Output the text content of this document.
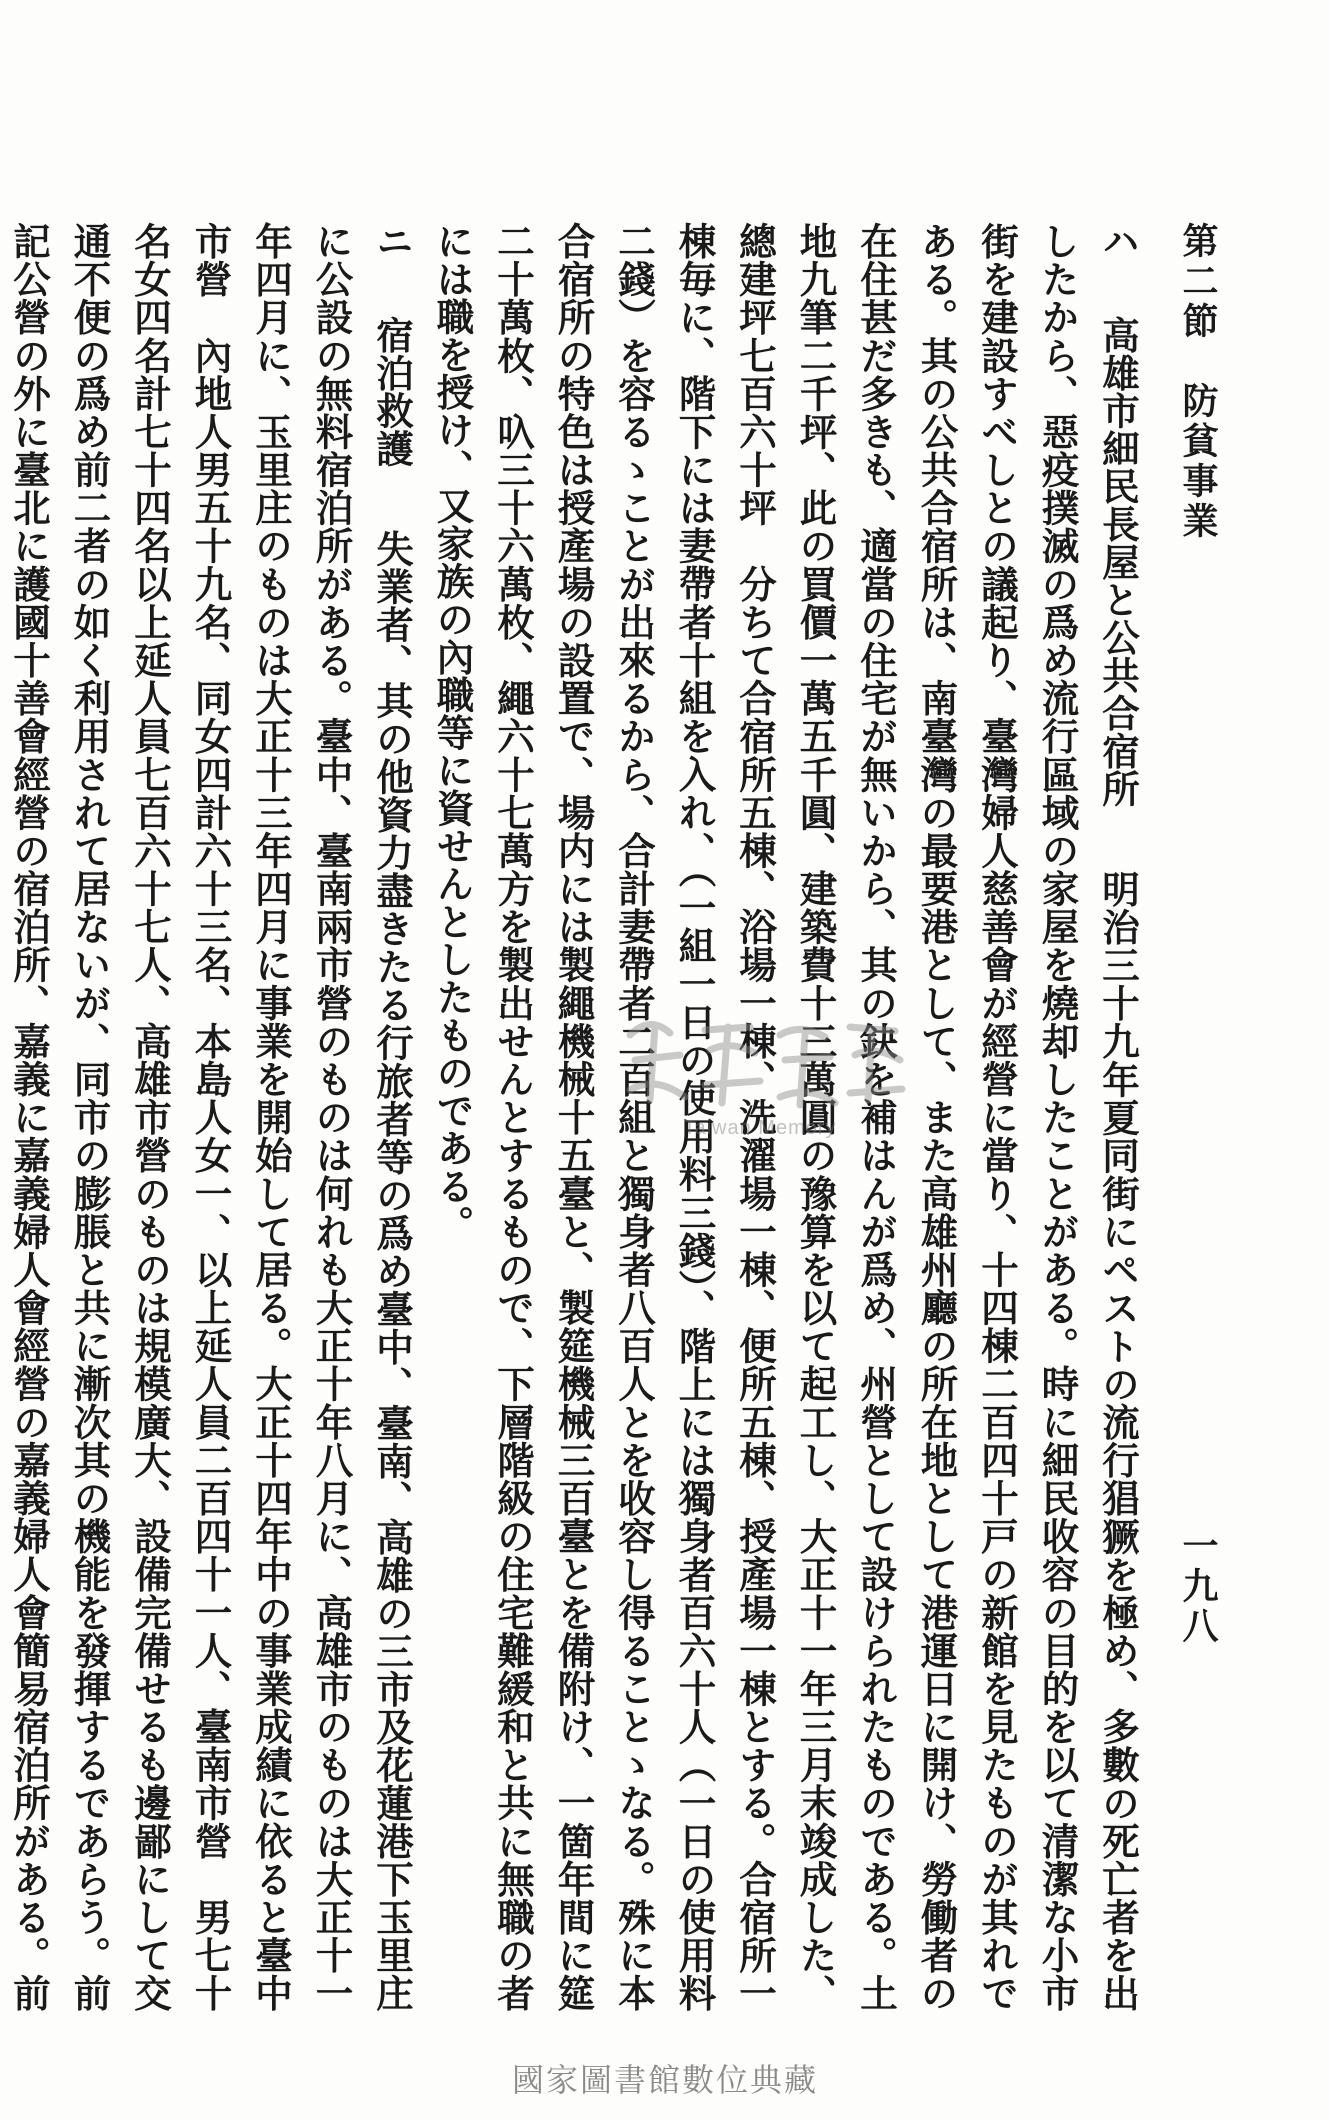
第二節　防貧事業
一九八

ハ　高雄市細民長屋と公共合宿所　明治三十九年夏同街にペストの流行猖獗を極め、多數の死亡者を出したから、惡疫撲滅の爲め流行區域の家屋を燒却したことがある。時に細民收容の目的を以て清潔な小市街を建設すべしとの議起り、臺灣婦人慈善會が經營に當り、十四棟二百四十戸の新館を見たものが其れである。其の公共合宿所は、南臺灣の最要港として、また高雄州廳の所在地として港運日に開け、勞働者の在住甚だ多きも、適當の住宅が無いから、其の鈌を補はんが爲め、州營として設けられたものである。土地九筆二千坪、此の買價一萬五千圓、建築費十三萬圓の豫算を以て起工し、大正十一年三月末竣成した、總建坪七百六十坪　分ちて合宿所五棟、浴場一棟、洗濯場一棟、便所五棟、授產場一棟とする。合宿所一棟毎に、階下には妻帶者十組を入れ、（一組一日の使用料三錢）、階上には獨身者百六十人（一日の使用料二錢）を容るゝことが出來るから、合計妻帶者二百組と獨身者八百人とを收容し得ることゝなる。殊に本合宿所の特色は授產場の設置で、場内には製繩機械十五臺と、製筵機械三百臺とを備附け、一箇年間に筵二十萬枚、叺三十六萬枚、繩六十七萬方を製出せんとするもので、下層階級の住宅難緩和と共に無職の者には職を授け、又家族の內職等に資せんとしたものである。

ニ　宿泊救護　失業者、其の他資力盡きたる行旅者等の爲め臺中、臺南、高雄の三市及花蓮港下玉里庄に公設の無料宿泊所がある。臺中、臺南兩市營のものは何れも大正十年八月に、高雄市のものは大正十一年四月に、玉里庄のものは大正十三年四月に事業を開始して居る。大正十四年中の事業成績に依ると臺中市營　內地人男五十九名、同女四計六十三名、本島人女一、以上延人員二百四十一人、臺南市營　男七十名女四名計七十四名以上延人員七百六十七人、高雄市營のものは規模廣大、設備完備せるも邊鄙にして交通不便の爲め前二者の如く利用されて居ないが、同市の膨脹と共に漸次其の機能を發揮するであらう。前記公營の外に臺北に護國十善會經營の宿泊所、嘉義に嘉義婦人會經營の嘉義婦人會簡易宿泊所がある。前

Taiwan Memory
國家圖書館數位典藏
